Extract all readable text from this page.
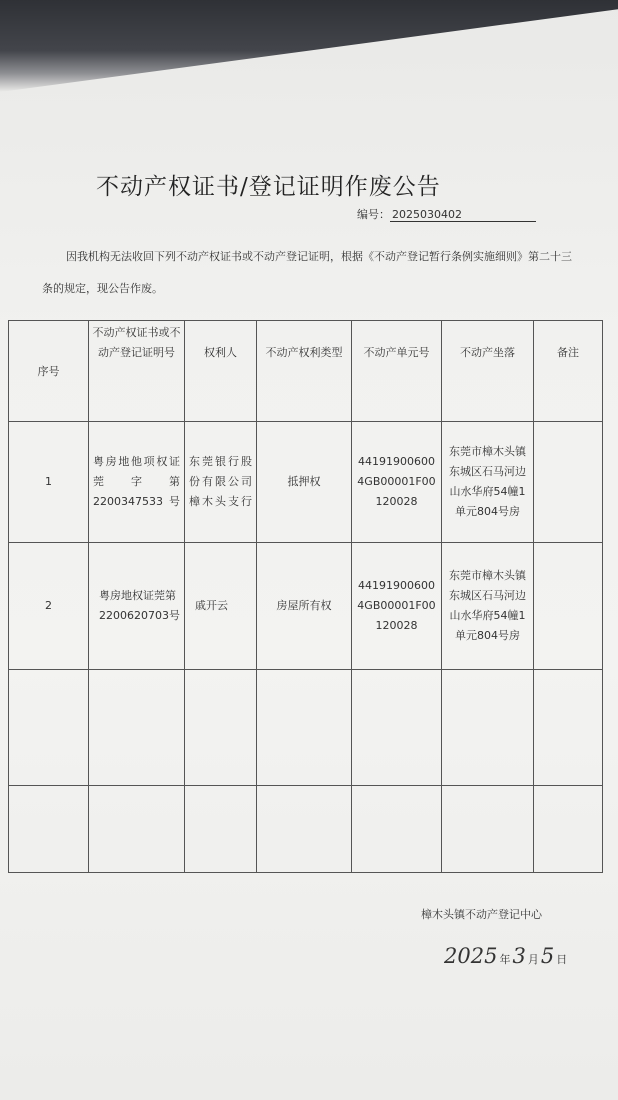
不动产权证书/登记证明作废公告
编号： 2025030402
因我机构无法收回下列不动产权证书或不动产登记证明，根据《不动产登记暂行条例实施细则》第二十三条的规定，现公告作废。
序号	不动产权证书或不动产登记证明号	权利人	不动产权利类型	不动产单元号	不动产坐落	备注
1	粤房地他项权证莞字第2200347533号	东莞银行股份有限公司樟木头支行	抵押权	441919006004GB00001F00120028	东莞市樟木头镇东城区石马河边山水华府54幢1单元804号房	
2	粤房地权证莞第2200620703号	戚开云	房屋所有权	441919006004GB00001F00120028	东莞市樟木头镇东城区石马河边山水华府54幢1单元804号房	

樟木头镇不动产登记中心
2025 年3 月5 日
